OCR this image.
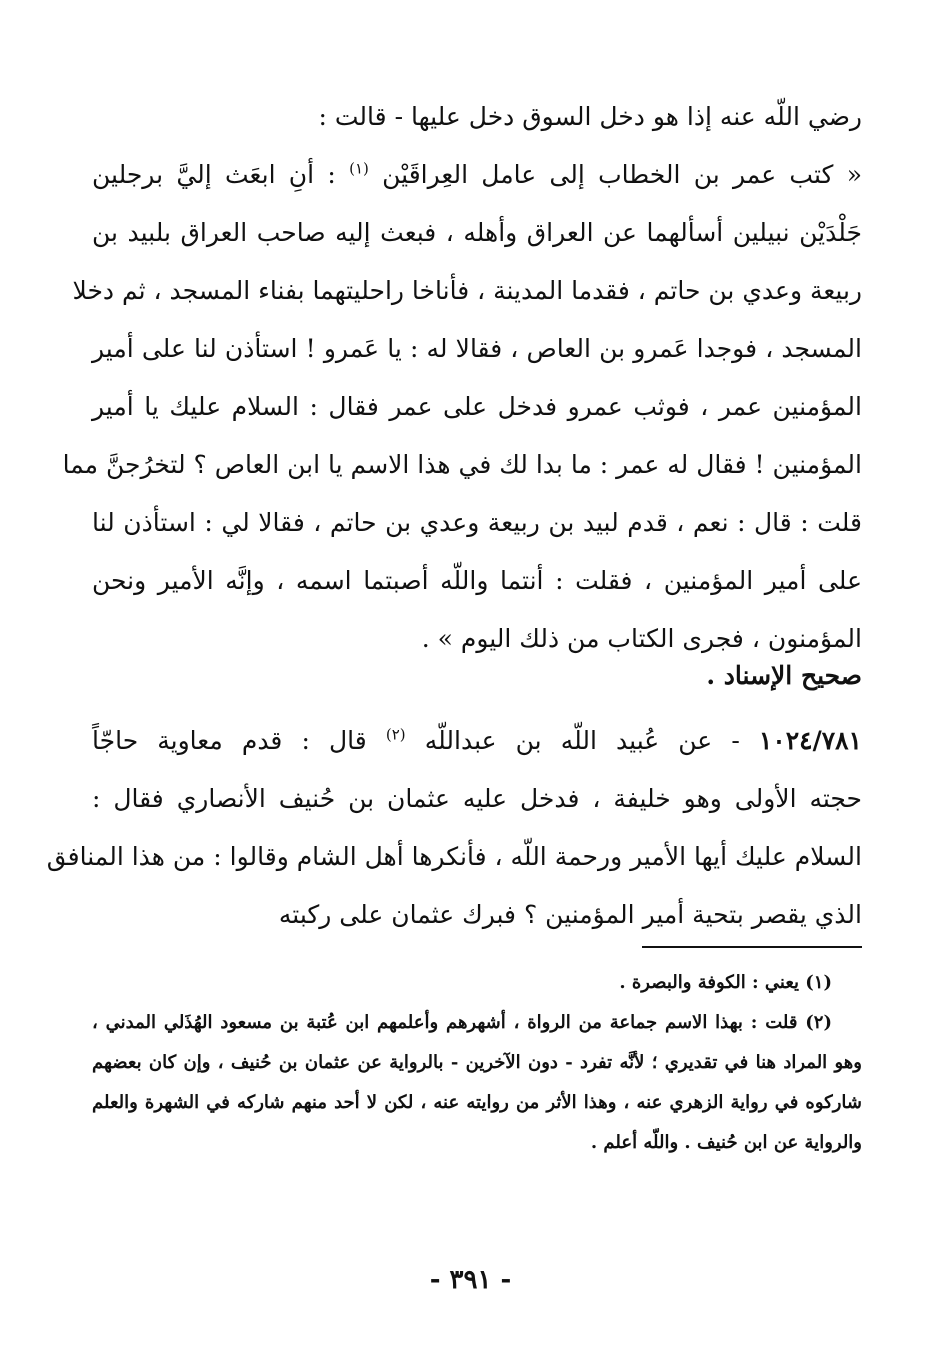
رضي اللّه عنه إذا هو دخل السوق دخل عليها - قالت :
« كتب عمر بن الخطاب إلى عامل العِراقَيْن $^{(١)}$ : أنِ ابعَث إليَّ برجلين
جَلْدَيْن نبيلين أسألهما عن العراق وأهله ، فبعث إليه صاحب العراق بلبيد بن
ربيعة وعدي بن حاتم ، فقدما المدينة ، فأناخا راحليتهما بفناء المسجد ، ثم دخلا
المسجد ، فوجدا عَمرو بن العاص ، فقالا له : يا عَمرو ! استأذن لنا على أمير
المؤمنين عمر ، فوثب عمرو فدخل على عمر فقال : السلام عليك يا أمير
المؤمنين ! فقال له عمر : ما بدا لك في هذا الاسم يا ابن العاص ؟ لتخرُجنَّ مما
قلت : قال : نعم ، قدم لبيد بن ربيعة وعدي بن حاتم ، فقالا لي : استأذن لنا
على أمير المؤمنين ، فقلت : أنتما واللّه أصبتما اسمه ، وإنَّه الأمير ونحن
المؤمنون ، فجرى الكتاب من ذلك اليوم » .
صحيح الإسناد .
١٠٢٤/٧٨١ - عن عُبيد اللّه بن عبداللّه $^{(٢)}$ قال : قدم معاوية حاجّاً
حجته الأولى وهو خليفة ، فدخل عليه عثمان بن حُنيف الأنصاري فقال :
السلام عليك أيها الأمير ورحمة اللّه ، فأنكرها أهل الشام وقالوا : من هذا المنافق
الذي يقصر بتحية أمير المؤمنين ؟ فبرك عثمان على ركبته
(١) يعني : الكوفة والبصرة .
(٢) قلت : بهذا الاسم جماعة من الرواة ، أشهرهم وأعلمهم ابن عُتبة بن مسعود الهُذَلي المدني ،
وهو المراد هنا في تقديري ؛ لأنَّه تفرد - دون الآخرين - بالرواية عن عثمان بن حُنيف ، وإن كان بعضهم
شاركوه في رواية الزهري عنه ، وهذا الأثر من روايته عنه ، لكن لا أحد منهم شاركه في الشهرة والعلم
والرواية عن ابن حُنيف . واللّه أعلم .
- ٣٩١ -
